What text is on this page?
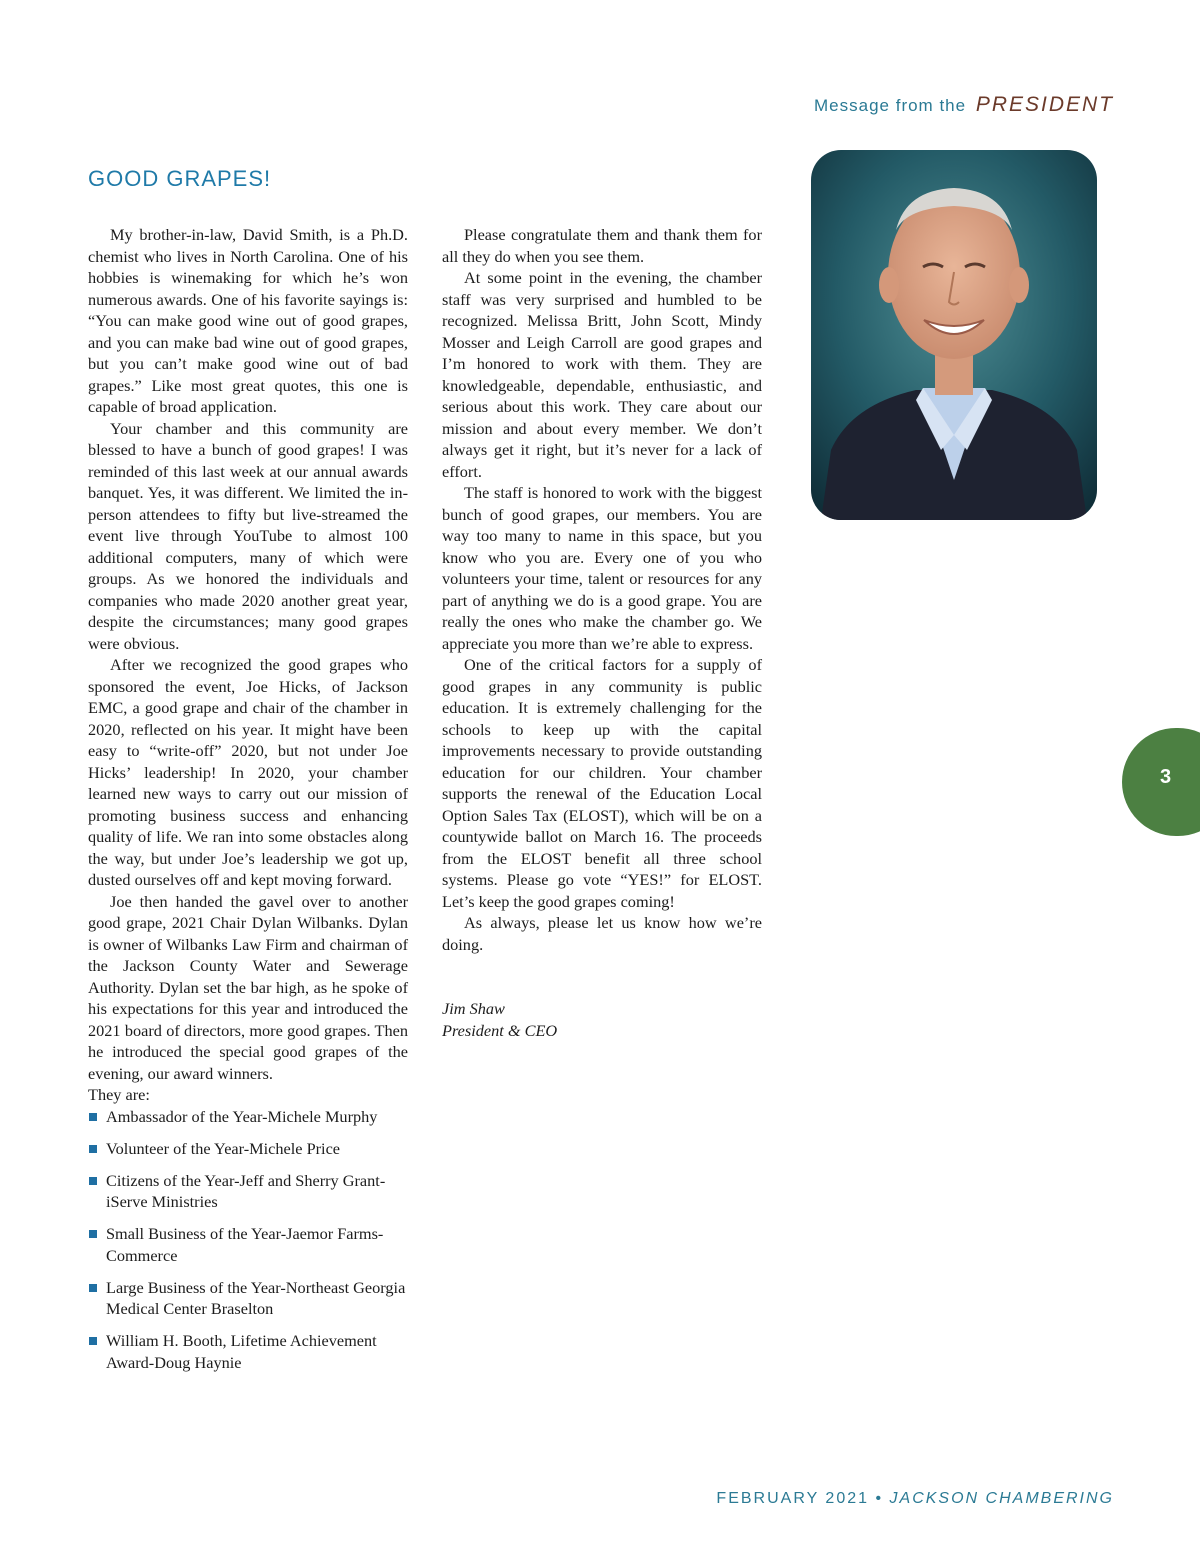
Message from the PRESIDENT
GOOD GRAPES!

My brother-in-law, David Smith, is a Ph.D. chemist who lives in North Carolina. One of his hobbies is winemaking for which he’s won numerous awards. One of his favorite sayings is: “You can make good wine out of good grapes, and you can make bad wine out of good grapes, but you can’t make good wine out of bad grapes.” Like most great quotes, this one is capable of broad application.

Your chamber and this community are blessed to have a bunch of good grapes! I was reminded of this last week at our annual awards banquet. Yes, it was different. We limited the in-person attendees to fifty but live-streamed the event live through YouTube to almost 100 additional computers, many of which were groups. As we honored the individuals and companies who made 2020 another great year, despite the circumstances; many good grapes were obvious.

After we recognized the good grapes who sponsored the event, Joe Hicks, of Jackson EMC, a good grape and chair of the chamber in 2020, reflected on his year. It might have been easy to “write-off” 2020, but not under Joe Hicks’ leadership! In 2020, your chamber learned new ways to carry out our mission of promoting business success and enhancing quality of life. We ran into some obstacles along the way, but under Joe’s leadership we got up, dusted ourselves off and kept moving forward.

Joe then handed the gavel over to another good grape, 2021 Chair Dylan Wilbanks. Dylan is owner of Wilbanks Law Firm and chairman of the Jackson County Water and Sewerage Authority. Dylan set the bar high, as he spoke of his expectations for this year and introduced the 2021 board of directors, more good grapes. Then he introduced the special good grapes of the evening, our award winners.

They are:

Ambassador of the Year-Michele Murphy
Volunteer of the Year-Michele Price
Citizens of the Year-Jeff and Sherry Grant-iServe Ministries
Small Business of the Year-Jaemor Farms-Commerce
Large Business of the Year-Northeast Georgia Medical Center Braselton
William H. Booth, Lifetime Achievement Award-Doug Haynie

Please congratulate them and thank them for all they do when you see them.

At some point in the evening, the chamber staff was very surprised and humbled to be recognized. Melissa Britt, John Scott, Mindy Mosser and Leigh Carroll are good grapes and I’m honored to work with them. They are knowledgeable, dependable, enthusiastic, and serious about this work. They care about our mission and about every member. We don’t always get it right, but it’s never for a lack of effort.

The staff is honored to work with the biggest bunch of good grapes, our members. You are way too many to name in this space, but you know who you are. Every one of you who volunteers your time, talent or resources for any part of anything we do is a good grape. You are really the ones who make the chamber go. We appreciate you more than we’re able to express.

One of the critical factors for a supply of good grapes in any community is public education. It is extremely challenging for the schools to keep up with the capital improvements necessary to provide outstanding education for our children. Your chamber supports the renewal of the Education Local Option Sales Tax (ELOST), which will be on a countywide ballot on March 16. The proceeds from the ELOST benefit all three school systems. Please go vote “YES!” for ELOST. Let’s keep the good grapes coming!

As always, please let us know how we’re doing.

Jim Shaw
President & CEO
3
FEBRUARY 2021 • JACKSON CHAMBERING
